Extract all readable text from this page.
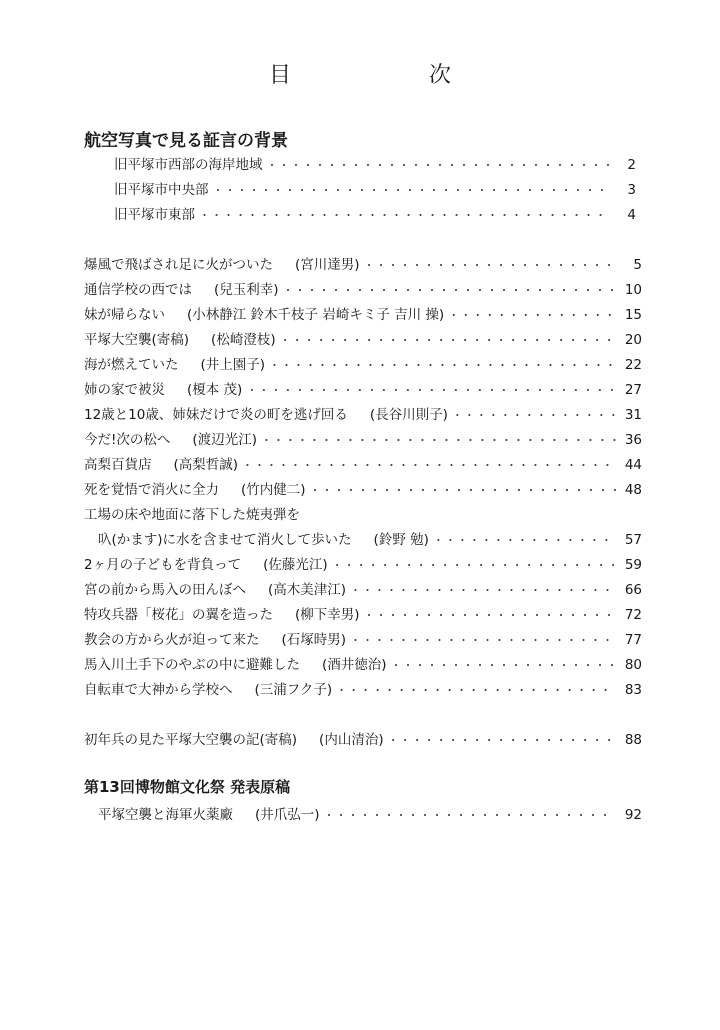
目　次
航空写真で見る証言の背景
旧平塚市西部の海岸地域 ・・・・・・・・・・・・・・・・・・・・・・・・・・・・・・・・・・・・・・・・・・・・・・・・・・・・・・・・・・・・・・・・・・・・・・・・・・・・・	2
旧平塚市中央部 ・・・・・・・・・・・・・・・・・・・・・・・・・・・・・・・・・・・・・・・・・・・・・・・・・・・・・・・・・・・・・・・・・・・・・・・・・・・・・	3
旧平塚市東部 ・・・・・・・・・・・・・・・・・・・・・・・・・・・・・・・・・・・・・・・・・・・・・・・・・・・・・・・・・・・・・・・・・・・・・・・・・・・・・	4
爆風で飛ばされ足に火がついた (宮川達男) ・・・・・・・・・・・・・・・・・・・・・・・・・・・・・・・・・・・・・・・・・・・・・・・・・・・・・・・・・・・・・・・・・・・・・・・・・・・・・	5
通信学校の西では (兒玉利幸) ・・・・・・・・・・・・・・・・・・・・・・・・・・・・・・・・・・・・・・・・・・・・・・・・・・・・・・・・・・・・・・・・・・・・・・・・・・・・・	10
妹が帰らない (小林静江 鈴木千枝子 岩崎キミ子 吉川 操) ・・・・・・・・・・・・・・・・・・・・・・・・・・・・・・・・・・・・・・・・・・・・・・・・・・・・・・・・・・・・・・・・・・・・・・・・・・・・・	15
平塚大空襲(寄稿) (松崎澄枝) ・・・・・・・・・・・・・・・・・・・・・・・・・・・・・・・・・・・・・・・・・・・・・・・・・・・・・・・・・・・・・・・・・・・・・・・・・・・・・	20
海が燃えていた (井上園子) ・・・・・・・・・・・・・・・・・・・・・・・・・・・・・・・・・・・・・・・・・・・・・・・・・・・・・・・・・・・・・・・・・・・・・・・・・・・・・	22
姉の家で被災 (榎本 茂) ・・・・・・・・・・・・・・・・・・・・・・・・・・・・・・・・・・・・・・・・・・・・・・・・・・・・・・・・・・・・・・・・・・・・・・・・・・・・・	27
12歳と10歳、姉妹だけで炎の町を逃げ回る (長谷川則子) ・・・・・・・・・・・・・・・・・・・・・・・・・・・・・・・・・・・・・・・・・・・・・・・・・・・・・・・・・・・・・・・・・・・・・・・・・・・・・	31
今だ!次の松へ (渡辺光江) ・・・・・・・・・・・・・・・・・・・・・・・・・・・・・・・・・・・・・・・・・・・・・・・・・・・・・・・・・・・・・・・・・・・・・・・・・・・・・	36
高梨百貨店 (高梨哲誠) ・・・・・・・・・・・・・・・・・・・・・・・・・・・・・・・・・・・・・・・・・・・・・・・・・・・・・・・・・・・・・・・・・・・・・・・・・・・・・	44
死を覚悟で消火に全力 (竹内健二) ・・・・・・・・・・・・・・・・・・・・・・・・・・・・・・・・・・・・・・・・・・・・・・・・・・・・・・・・・・・・・・・・・・・・・・・・・・・・・	48
工場の床や地面に落下した焼夷弾を
叺(かます)に水を含ませて消火して歩いた (鈴野 勉) ・・・・・・・・・・・・・・・・・・・・・・・・・・・・・・・・・・・・・・・・・・・・・・・・・・・・・・・・・・・・・・・・・・・・・・・・・・・・・	57
2ヶ月の子どもを背負って (佐藤光江) ・・・・・・・・・・・・・・・・・・・・・・・・・・・・・・・・・・・・・・・・・・・・・・・・・・・・・・・・・・・・・・・・・・・・・・・・・・・・・	59
宮の前から馬入の田んぼへ (高木美津江) ・・・・・・・・・・・・・・・・・・・・・・・・・・・・・・・・・・・・・・・・・・・・・・・・・・・・・・・・・・・・・・・・・・・・・・・・・・・・・	66
特攻兵器「桜花」の翼を造った (柳下幸男) ・・・・・・・・・・・・・・・・・・・・・・・・・・・・・・・・・・・・・・・・・・・・・・・・・・・・・・・・・・・・・・・・・・・・・・・・・・・・・	72
教会の方から火が迫って来た (石塚時男) ・・・・・・・・・・・・・・・・・・・・・・・・・・・・・・・・・・・・・・・・・・・・・・・・・・・・・・・・・・・・・・・・・・・・・・・・・・・・・	77
馬入川土手下のやぶの中に避難した (酒井徳治) ・・・・・・・・・・・・・・・・・・・・・・・・・・・・・・・・・・・・・・・・・・・・・・・・・・・・・・・・・・・・・・・・・・・・・・・・・・・・・	80
自転車で大神から学校へ (三浦フク子) ・・・・・・・・・・・・・・・・・・・・・・・・・・・・・・・・・・・・・・・・・・・・・・・・・・・・・・・・・・・・・・・・・・・・・・・・・・・・・	83
初年兵の見た平塚大空襲の記(寄稿) (内山清治) ・・・・・・・・・・・・・・・・・・・・・・・・・・・・・・・・・・・・・・・・・・・・・・・・・・・・・・・・・・・・・・・・・・・・・・・・・・・・・	88
第13回博物館文化祭 発表原稿
平塚空襲と海軍火薬廠 (井爪弘一) ・・・・・・・・・・・・・・・・・・・・・・・・・・・・・・・・・・・・・・・・・・・・・・・・・・・・・・・・・・・・・・・・・・・・・・・・・・・・・	92
